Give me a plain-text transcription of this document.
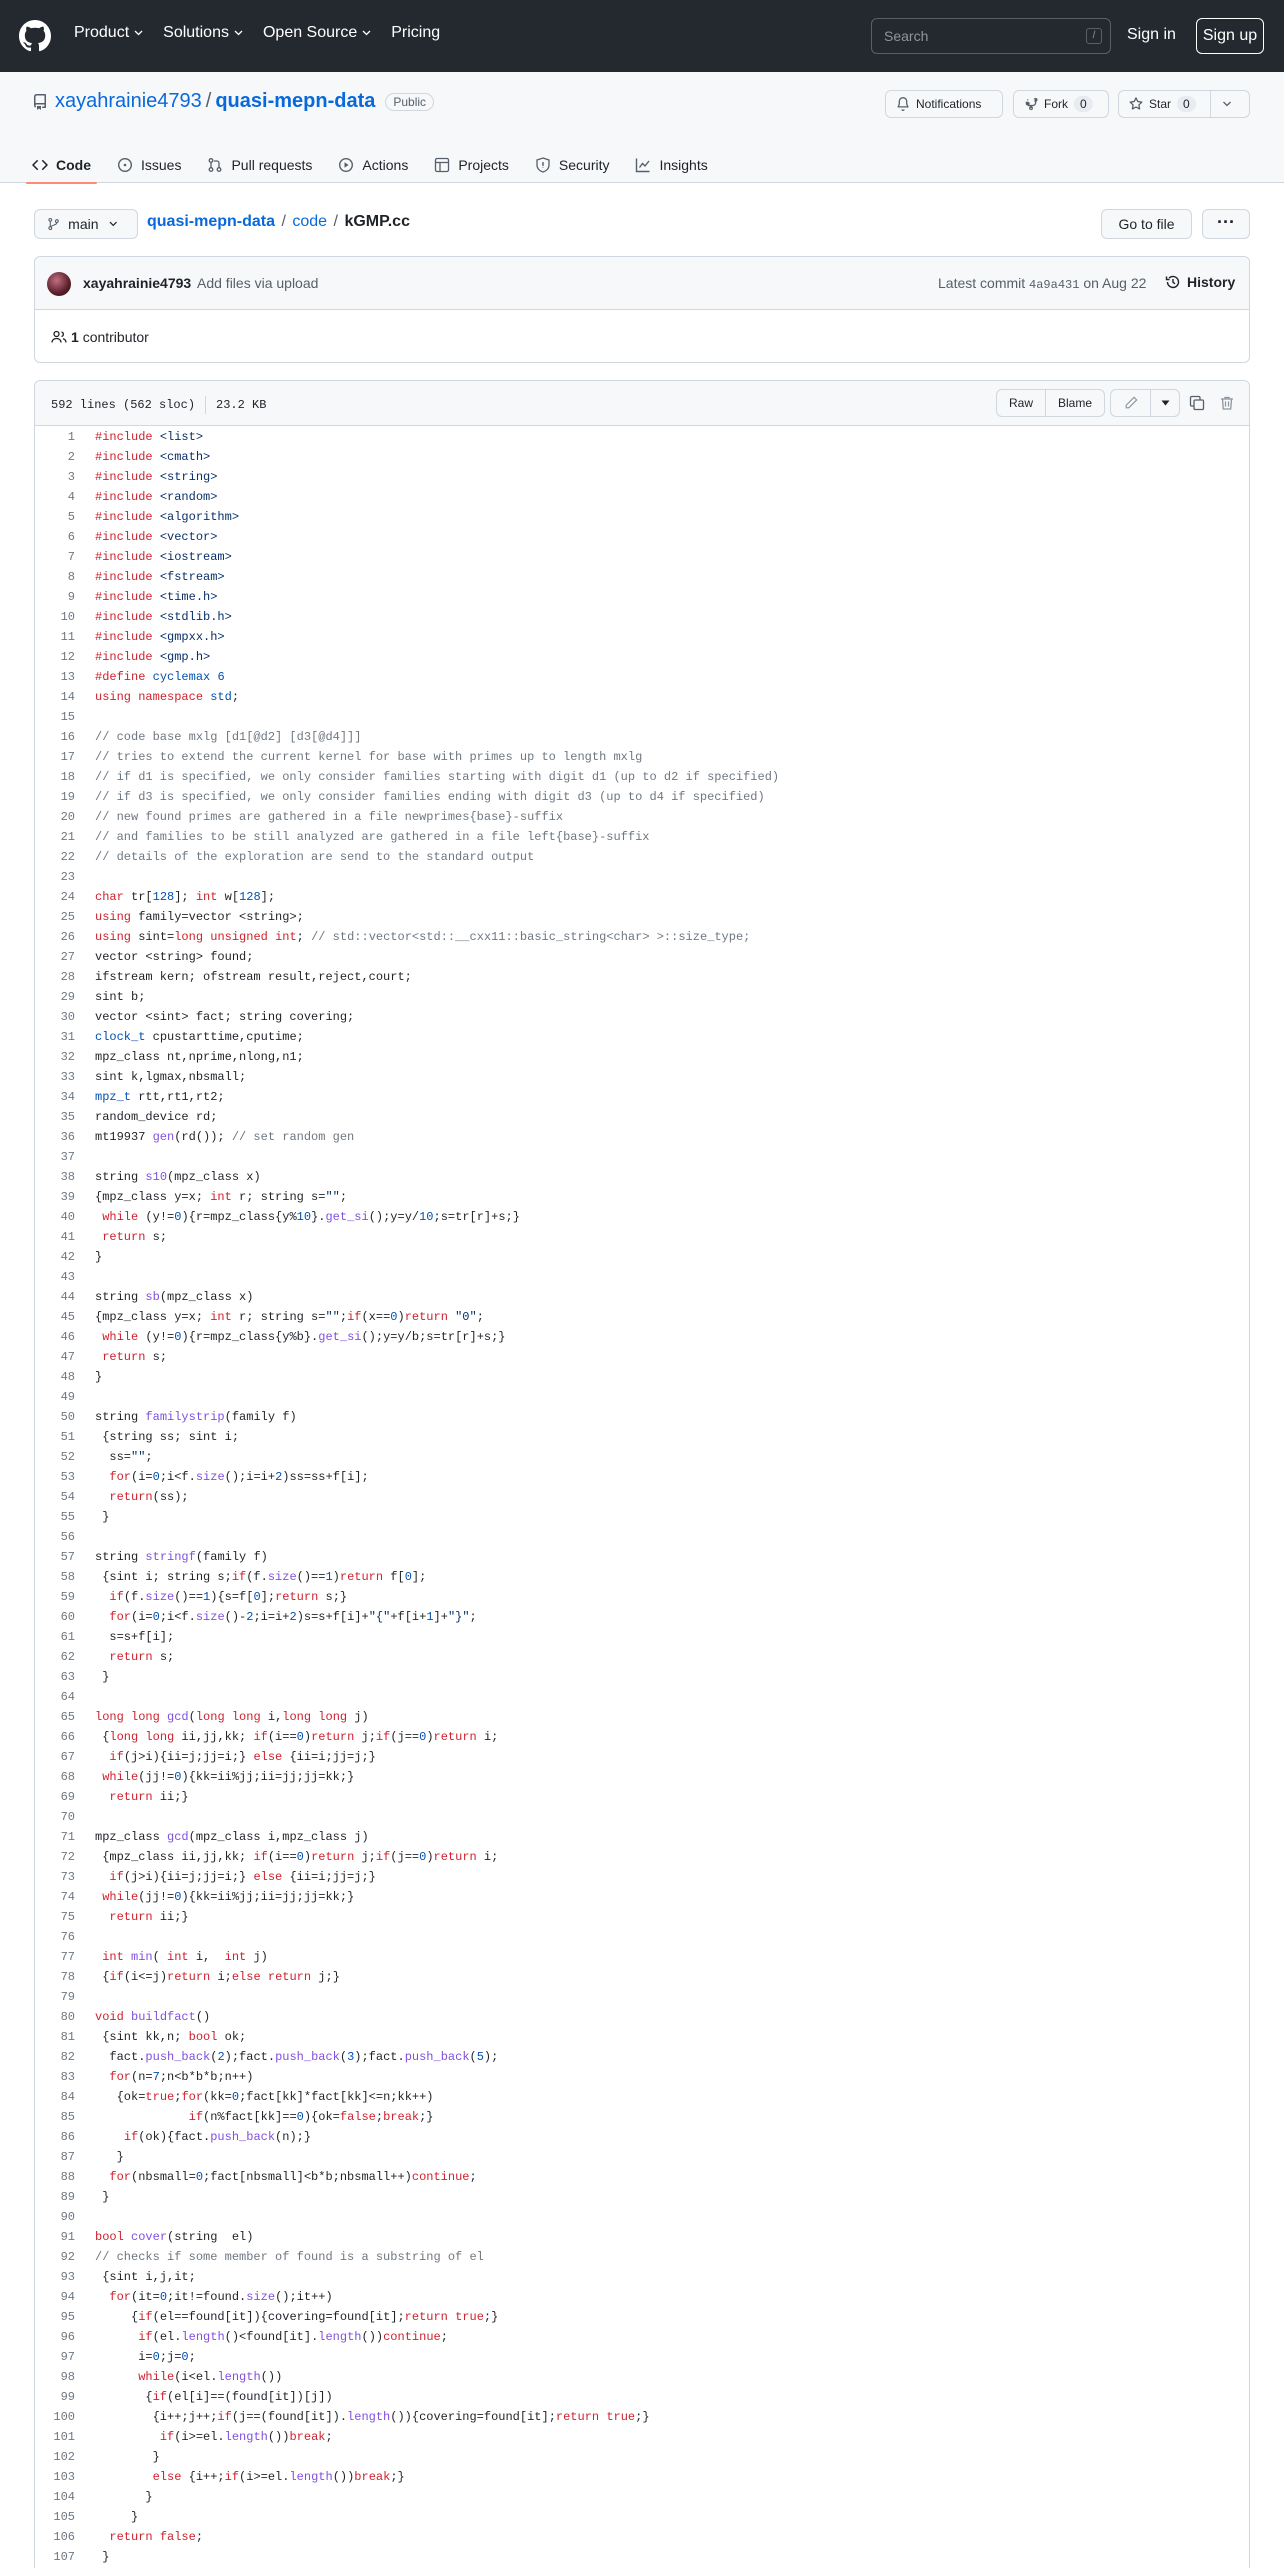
Product Solutions Open Source Pricing	Search	/	Sign in	Sign up
xayahrainie4793 / quasi-mepn-data	Public	Notifications	Fork	0	Star	0
Code	Issues	Pull requests	Actions	Projects	Security	Insights
main	quasi-mepn-data / code / kGMP.cc	Go to file	···
xayahrainie4793 Add files via upload	Latest commit 4a9a431 on Aug 22	History
1
contributor
592 lines (562 sloc) 23.2 KB	Raw	Blame
1	#include <list>
2	#include <cmath>
3	#include <string>
4	#include <random>
5	#include <algorithm>
6	#include <vector>
7	#include <iostream>
8	#include <fstream>
9	#include <time.h>
10	#include <stdlib.h>
11	#include <gmpxx.h>
12	#include <gmp.h>
13	#define cyclemax 6
14	using namespace std;
15
16	// code base mxlg [d1[@d2] [d3[@d4]]]
17	// tries to extend the current kernel for base with primes up to length mxlg
18	// if d1 is specified, we only consider families starting with digit d1 (up to d2 if specified)
19	// if d3 is specified, we only consider families ending with digit d3 (up to d4 if specified)
20	// new found primes are gathered in a file newprimes{base}-suffix
21	// and families to be still analyzed are gathered in a file left{base}-suffix
22	// details of the exploration are send to the standard output
23
24	char tr[128]; int w[128];
25	using family=vector <string>;
26	using sint=long unsigned int; // std::vector<std::__cxx11::basic_string<char> >::size_type;
27	vector <string> found;
28	ifstream kern; ofstream result,reject,court;
29	sint b;
30	vector <sint> fact; string covering;
31	clock_t cpustarttime,cputime;
32	mpz_class nt,nprime,nlong,n1;
33	sint k,lgmax,nbsmall;
34	mpz_t rtt,rt1,rt2;
35	random_device rd;
36	mt19937 gen(rd()); // set random gen
37
38	string s10(mpz_class x)
39	{mpz_class y=x; int r; string s="";
40	while (y!=0){r=mpz_class{y%10}.get_si();y=y/10;s=tr[r]+s;}
41	return s;
42	}
43
44	string sb(mpz_class x)
45	{mpz_class y=x; int r; string s="";if(x==0)return "0";
46	while (y!=0){r=mpz_class{y%b}.get_si();y=y/b;s=tr[r]+s;}
47	return s;
48	}
49
50	string familystrip(family f)
51	{string ss; sint i;
52	ss="";
53	for(i=0;i<f.size();i=i+2)ss=ss+f[i];
54	return(ss);
55	}
56
57	string stringf(family f)
58	{sint i; string s;if(f.size()==1)return f[0];
59	if(f.size()==1){s=f[0];return s;}
60	for(i=0;i<f.size()-2;i=i+2)s=s+f[i]+"{"+f[i+1]+"}";
61	s=s+f[i];
62	return s;
63	}
64
65	long long gcd(long long i,long long j)
66	{long long ii,jj,kk; if(i==0)return j;if(j==0)return i;
67	if(j>i){ii=j;jj=i;} else {ii=i;jj=j;}
68	while(jj!=0){kk=ii%jj;ii=jj;jj=kk;}
69	return ii;}
70
71	mpz_class gcd(mpz_class i,mpz_class j)
72	{mpz_class ii,jj,kk; if(i==0)return j;if(j==0)return i;
73	if(j>i){ii=j;jj=i;} else {ii=i;jj=j;}
74	while(jj!=0){kk=ii%jj;ii=jj;jj=kk;}
75	return ii;}
76
77	int min( int i,  int j)
78	{if(i<=j)return i;else return j;}
79
80	void buildfact()
81	{sint kk,n; bool ok;
82	fact.push_back(2);fact.push_back(3);fact.push_back(5);
83	for(n=7;n<b*b*b;n++)
84	{ok=true;for(kk=0;fact[kk]*fact[kk]<=n;kk++)
85	if(n%fact[kk]==0){ok=false;break;}
86	if(ok){fact.push_back(n);}
87	}
88	for(nbsmall=0;fact[nbsmall]<b*b;nbsmall++)continue;
89	}
90
91	bool cover(string  el)
92	// checks if some member of found is a substring of el
93	{sint i,j,it;
94	for(it=0;it!=found.size();it++)
95	{if(el==found[it]){covering=found[it];return true;}
96	if(el.length()<found[it].length())continue;
97	i=0;j=0;
98	while(i<el.length())
99	{if(el[i]==(found[it])[j])
100	{i++;j++;if(j==(found[it]).length()){covering=found[it];return true;}
101	if(i>=el.length())break;
102	}
103	else {i++;if(i>=el.length())break;}
104	}
105	}
106	return false;
107	}
